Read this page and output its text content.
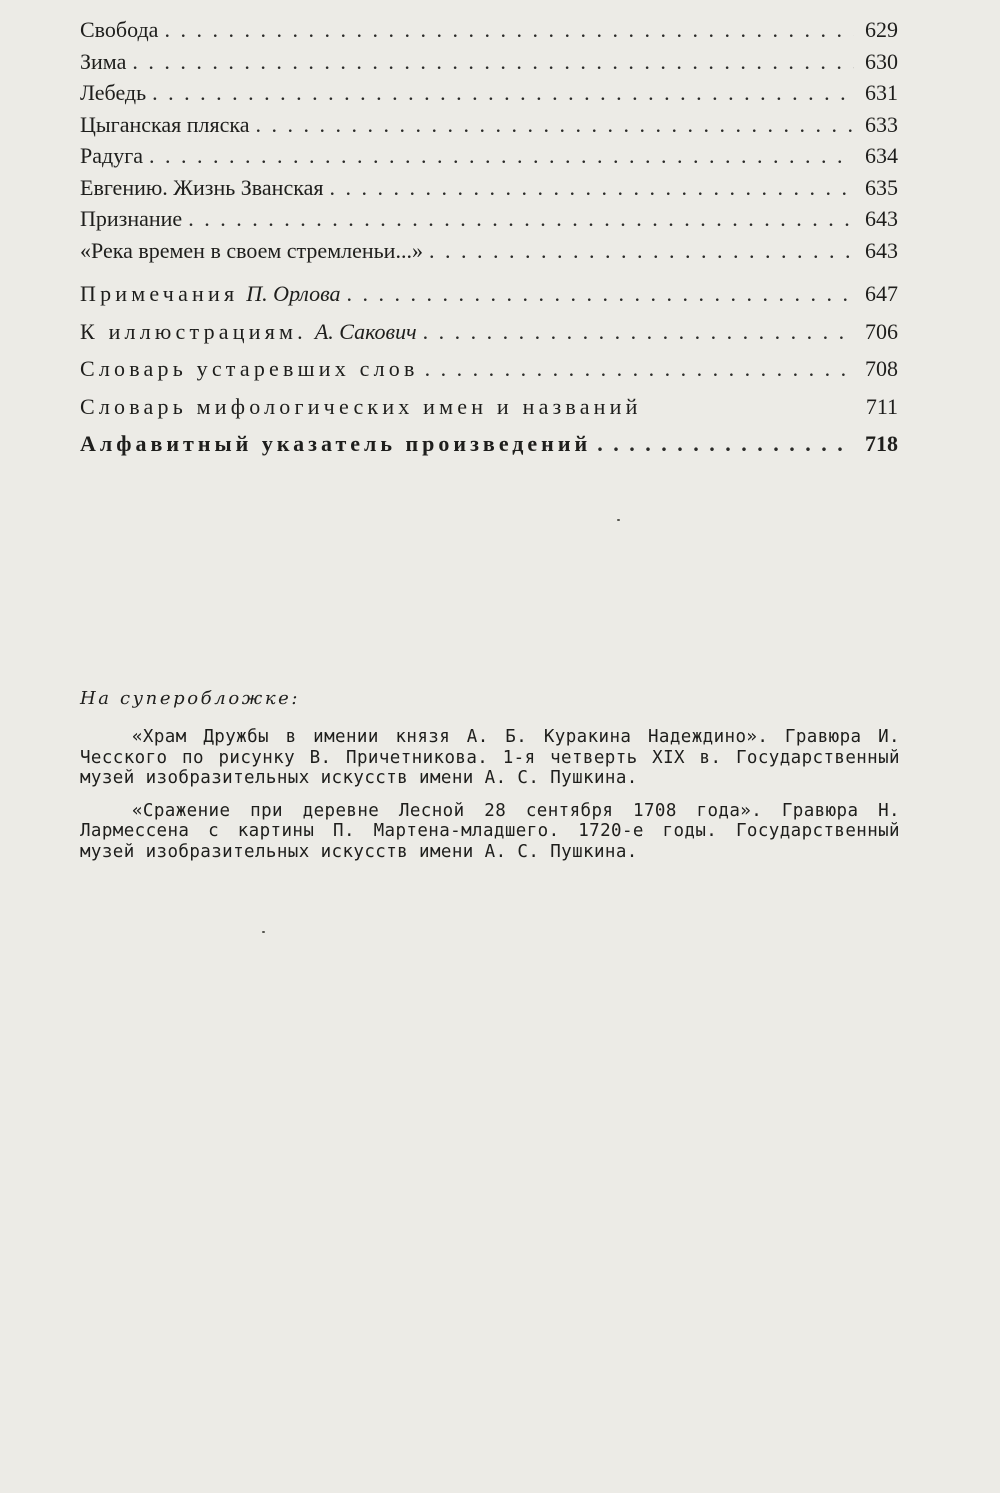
Свобода . . .	629
Зима . . .	630
Лебедь . . .	631
Цыганская пляска . . .	633
Радуга . . .	634
Евгению. Жизнь Званская . . .	635
Признание . . .	643
«Река времен в своем стремленьи...» . . .	643
Примечания П. Орлова . . .	647
К иллюстрациям. А. Сакович . . .	706
Словарь устаревших слов . . .	708
Словарь мифологических имен и названий	711
Алфавитный указатель произведений . . .	718

На суперобложке:

«Храм Дружбы в имении князя А. Б. Куракина Надеждино». Гравюра И. Чесского по рисунку В. Причетникова. 1-я четверть XIX в. Государственный музей изобразительных искусств имени А. С. Пушкина.

«Сражение при деревне Лесной 28 сентября 1708 года». Гравюра Н. Лармессена с картины П. Мартена-младшего. 1720-е годы. Государственный музей изобразительных искусств имени А. С. Пушкина.
